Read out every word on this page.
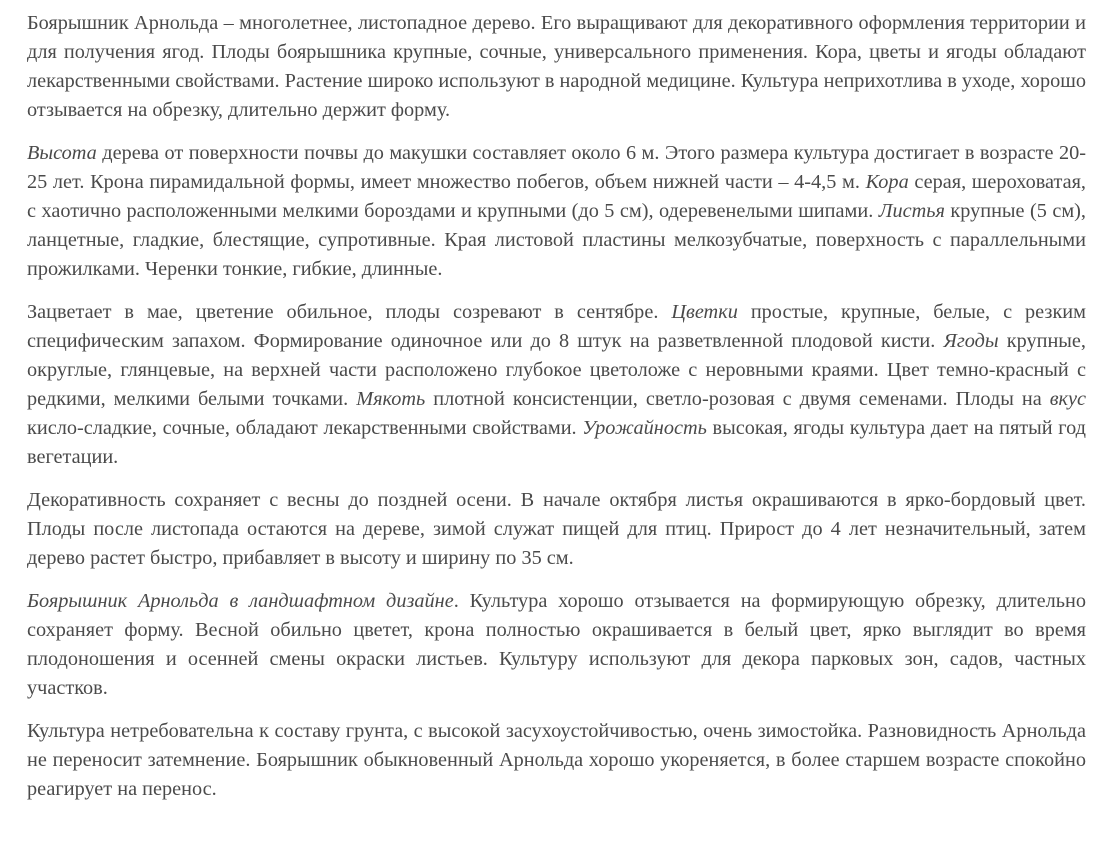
Боярышник Арнольда – многолетнее, листопадное дерево. Его выращивают для декоративного оформления территории и для получения ягод. Плоды боярышника крупные, сочные, универсального применения. Кора, цветы и ягоды обладают лекарственными свойствами. Растение широко используют в народной медицине. Культура неприхотлива в уходе, хорошо отзывается на обрезку, длительно держит форму.

Высота дерева от поверхности почвы до макушки составляет около 6 м. Этого размера культура достигает в возрасте 20-25 лет. Крона пирамидальной формы, имеет множество побегов, объем нижней части – 4-4,5 м. Кора серая, шероховатая, с хаотично расположенными мелкими бороздами и крупными (до 5 см), одеревенелыми шипами. Листья крупные (5 см), ланцетные, гладкие, блестящие, супротивные. Края листовой пластины мелкозубчатые, поверхность с параллельными прожилками. Черенки тонкие, гибкие, длинные.

Зацветает в мае, цветение обильное, плоды созревают в сентябре. Цветки простые, крупные, белые, с резким специфическим запахом. Формирование одиночное или до 8 штук на разветвленной плодовой кисти. Ягоды крупные, округлые, глянцевые, на верхней части расположено глубокое цветоложе с неровными краями. Цвет темно-красный с редкими, мелкими белыми точками. Мякоть плотной консистенции, светло-розовая с двумя семенами. Плоды на вкус кисло-сладкие, сочные, обладают лекарственными свойствами. Урожайность высокая, ягоды культура дает на пятый год вегетации.

Декоративность сохраняет с весны до поздней осени. В начале октября листья окрашиваются в ярко-бордовый цвет. Плоды после листопада остаются на дереве, зимой служат пищей для птиц. Прирост до 4 лет незначительный, затем дерево растет быстро, прибавляет в высоту и ширину по 35 см.

Боярышник Арнольда в ландшафтном дизайне. Культура хорошо отзывается на формирующую обрезку, длительно сохраняет форму. Весной обильно цветет, крона полностью окрашивается в белый цвет, ярко выглядит во время плодоношения и осенней смены окраски листьев. Культуру используют для декора парковых зон, садов, частных участков.

Культура нетребовательна к составу грунта, с высокой засухоустойчивостью, очень зимостойка. Разновидность Арнольда не переносит затемнение. Боярышник обыкновенный Арнольда хорошо укореняется, в более старшем возрасте спокойно реагирует на перенос.
